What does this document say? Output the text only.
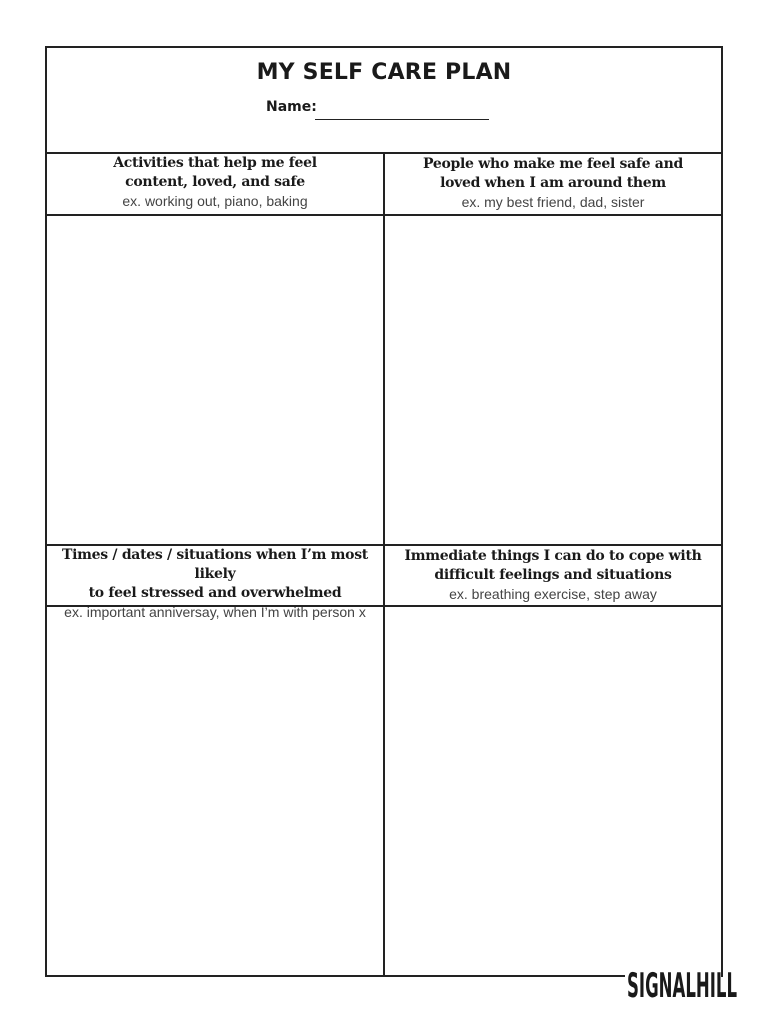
MY SELF CARE PLAN
Name:
Activities that help me feel
content, loved, and safe
ex. working out, piano, baking
People who make me feel safe and
loved when I am around them
ex. my best friend, dad, sister
Times / dates / situations when I’m most likely
to feel stressed and overwhelmed
ex. important anniversay, when I’m with person x
Immediate things I can do to cope with
difficult feelings and situations
ex. breathing exercise, step away
SIGNALHILL
